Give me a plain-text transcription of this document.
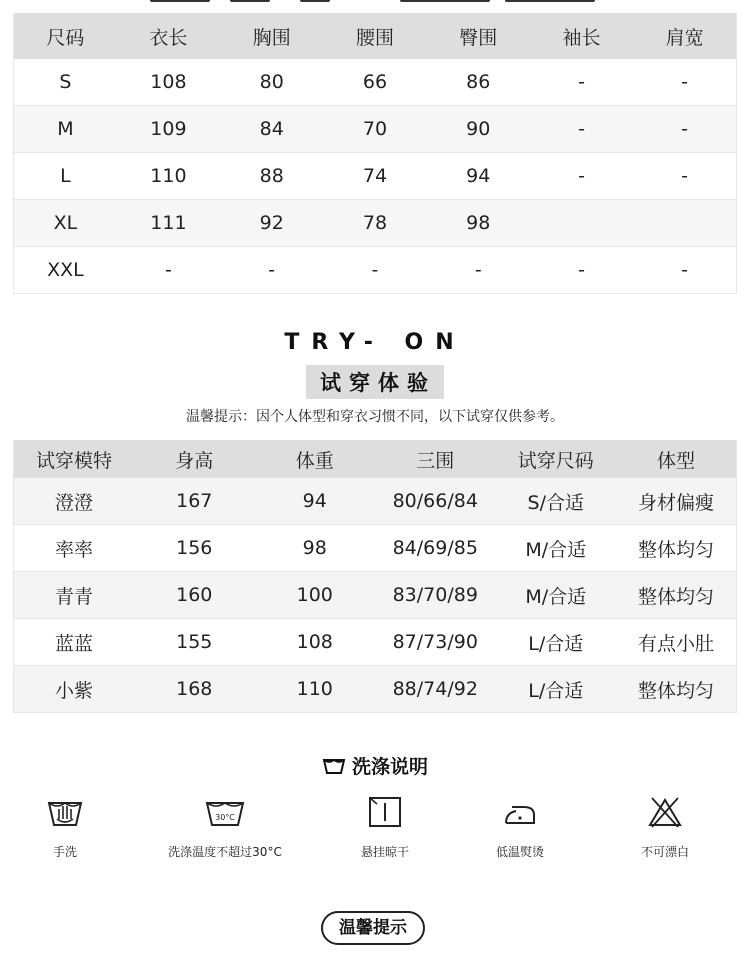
尺码	衣长	胸围	腰围	臀围	袖长	肩宽
S	108	80	66	86	-	-
M	109	84	70	90	-	-
L	110	88	74	94	-	-
XL	111	92	78	98		
XXL	-	-	-	-	-	-
TRY- ON
试穿体验
温馨提示：因个人体型和穿衣习惯不同，以下试穿仅供参考。
试穿模特	身高	体重	三围	试穿尺码	体型
澄澄	167	94	80/66/84	S/合适	身材偏瘦
率率	156	98	84/69/85	M/合适	整体均匀
青青	160	100	83/70/89	M/合适	整体均匀
蓝蓝	155	108	87/73/90	L/合适	有点小肚
小紫	168	110	88/74/92	L/合适	整体均匀
洗涤说明
手洗
30°C
洗涤温度不超过30°C	悬挂晾干	低温熨烫	不可漂白
温馨提示
